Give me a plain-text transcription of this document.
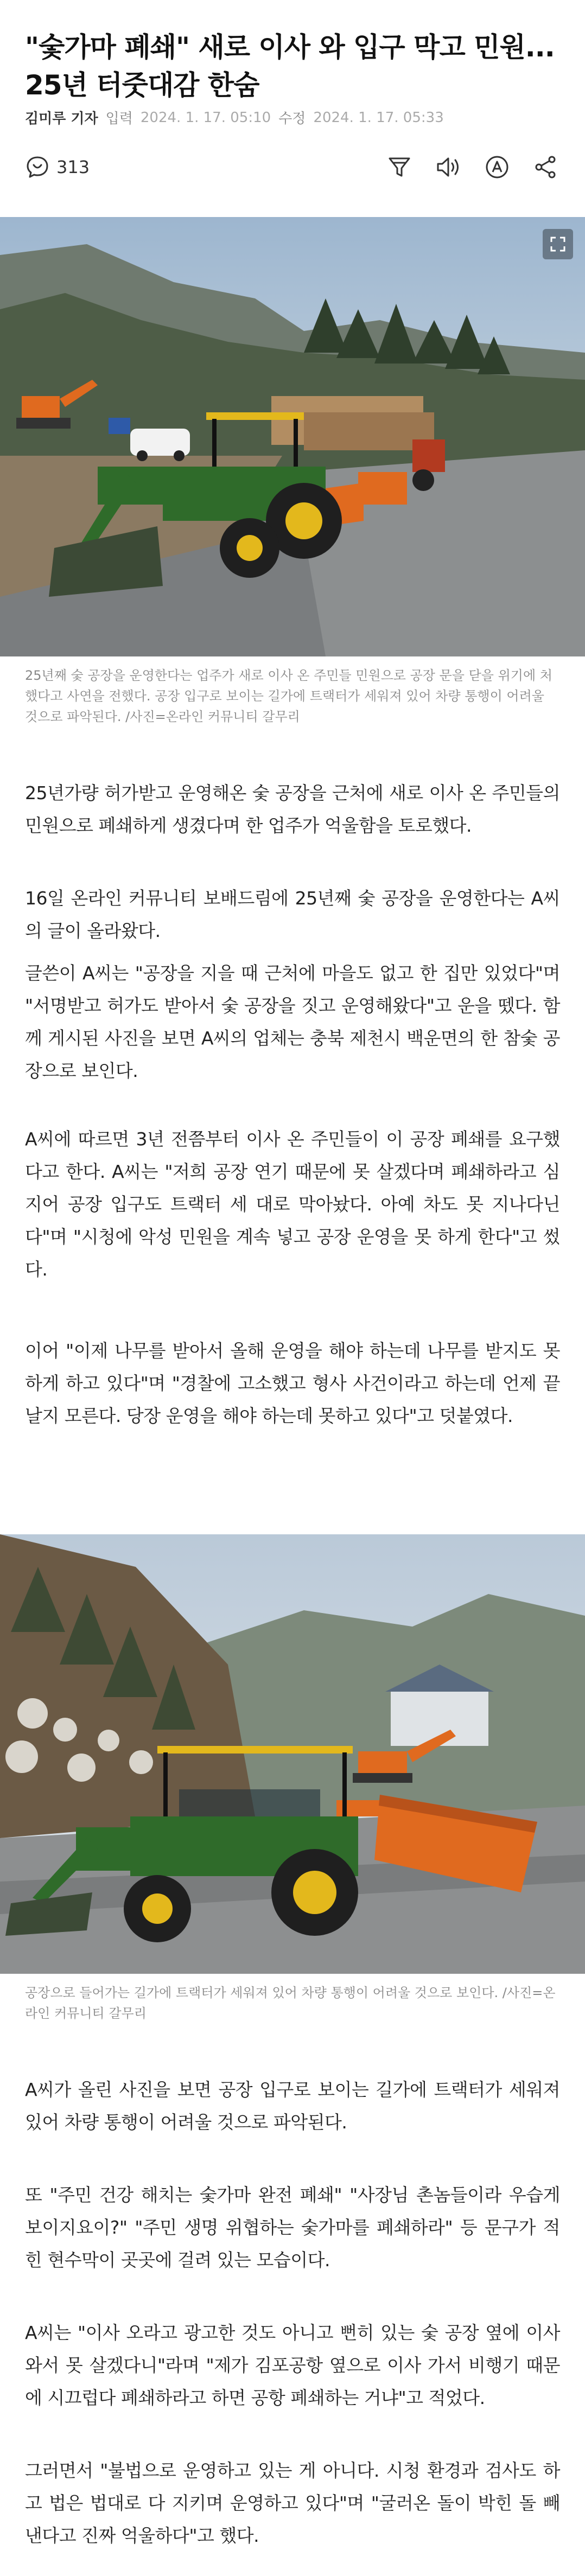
"숯가마 폐쇄" 새로 이사 와 입구 막고 민원... 25년 터줏대감 한숨
김미루 기자 입력 2024. 1. 17. 05:10 수정 2024. 1. 17. 05:33
313
25년째 숯 공장을 운영한다는 업주가 새로 이사 온 주민들 민원으로 공장 문을 닫을 위기에 처했다고 사연을 전했다. 공장 입구로 보이는 길가에 트랙터가 세워져 있어 차량 통행이 어려울 것으로 파악된다. /사진=온라인 커뮤니티 갈무리

25년가량 허가받고 운영해온 숯 공장을 근처에 새로 이사 온 주민들의 민원으로 폐쇄하게 생겼다며 한 업주가 억울함을 토로했다.

16일 온라인 커뮤니티 보배드림에 25년째 숯 공장을 운영한다는 A씨의 글이 올라왔다.

글쓴이 A씨는 "공장을 지을 때 근처에 마을도 없고 한 집만 있었다"며 "서명받고 허가도 받아서 숯 공장을 짓고 운영해왔다"고 운을 뗐다. 함께 게시된 사진을 보면 A씨의 업체는 충북 제천시 백운면의 한 참숯 공장으로 보인다.

A씨에 따르면 3년 전쯤부터 이사 온 주민들이 이 공장 폐쇄를 요구했다고 한다. A씨는 "저희 공장 연기 때문에 못 살겠다며 폐쇄하라고 심지어 공장 입구도 트랙터 세 대로 막아놨다. 아예 차도 못 지나다닌다"며 "시청에 악성 민원을 계속 넣고 공장 운영을 못 하게 한다"고 썼다.

이어 "이제 나무를 받아서 올해 운영을 해야 하는데 나무를 받지도 못하게 하고 있다"며 "경찰에 고소했고 형사 사건이라고 하는데 언제 끝날지 모른다. 당장 운영을 해야 하는데 못하고 있다"고 덧붙였다.

공장으로 들어가는 길가에 트랙터가 세워져 있어 차량 통행이 어려울 것으로 보인다. /사진=온라인 커뮤니티 갈무리

A씨가 올린 사진을 보면 공장 입구로 보이는 길가에 트랙터가 세워져 있어 차량 통행이 어려울 것으로 파악된다.

또 "주민 건강 해치는 숯가마 완전 폐쇄" "사장님 촌놈들이라 우습게 보이지요이?" "주민 생명 위협하는 숯가마를 폐쇄하라" 등 문구가 적힌 현수막이 곳곳에 걸려 있는 모습이다.

A씨는 "이사 오라고 광고한 것도 아니고 뻔히 있는 숯 공장 옆에 이사 와서 못 살겠다니"라며 "제가 김포공항 옆으로 이사 가서 비행기 때문에 시끄럽다 폐쇄하라고 하면 공항 폐쇄하는 거냐"고 적었다.

그러면서 "불법으로 운영하고 있는 게 아니다. 시청 환경과 검사도 하고 법은 법대로 다 지키며 운영하고 있다"며 "굴러온 돌이 박힌 돌 빼낸다고 진짜 억울하다"고 했다.
